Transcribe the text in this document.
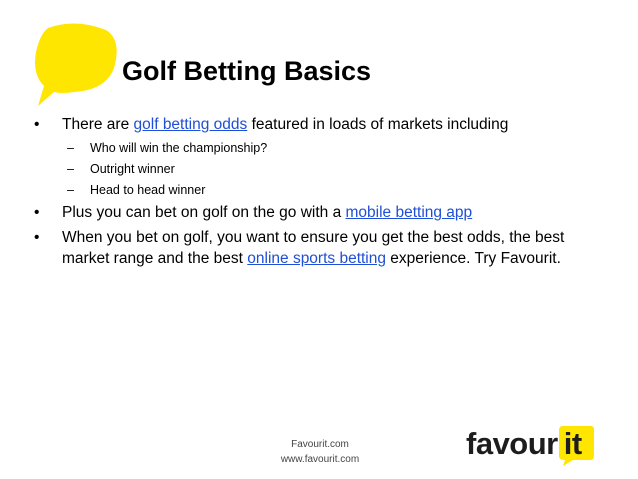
Golf Betting Basics
• There are golf betting odds featured in loads of markets including
– Who will win the championship?
– Outright winner
– Head to head winner
• Plus you can bet on golf on the go with a mobile betting app
• When you bet on golf, you want to ensure you get the best odds, the best market range and the best online sports betting experience. Try Favourit.
Favourit.com
www.favourit.com	favour it
